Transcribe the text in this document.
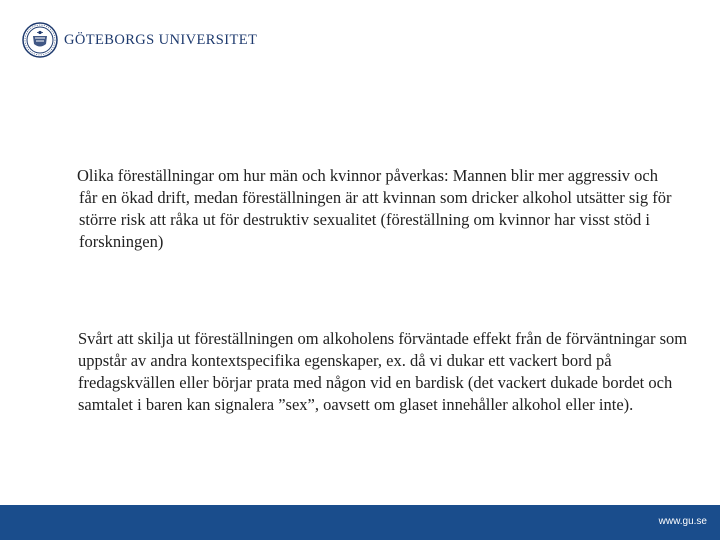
GÖTEBORGS UNIVERSITET

Olika föreställningar om hur män och kvinnor påverkas: Mannen blir mer aggressiv och får en ökad drift, medan föreställningen är att kvinnan som dricker alkohol utsätter sig för större risk att råka ut för destruktiv sexualitet (föreställning om kvinnor har visst stöd i forskningen)

Svårt att skilja ut föreställningen om alkoholens förväntade effekt från de förväntningar som uppstår av andra kontextspecifika egenskaper, ex. då vi dukar ett vackert bord på fredagskvällen eller börjar prata med någon vid en bardisk (det vackert dukade bordet och samtalet i baren kan signalera ”sex”, oavsett om glaset innehåller alkohol eller inte).

www.gu.se
